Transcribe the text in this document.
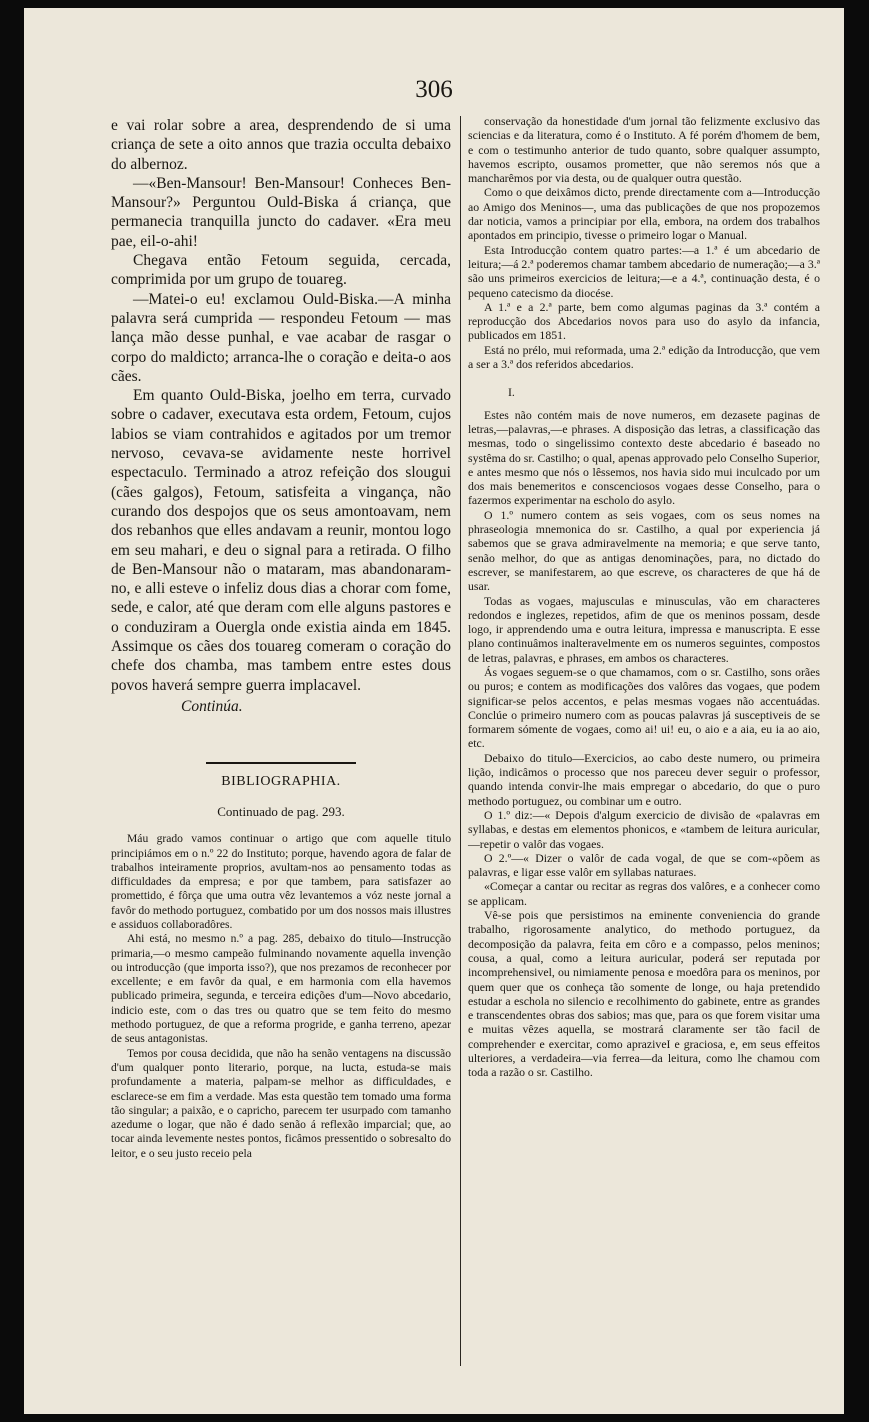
306

e vai rolar sobre a area, desprendendo de si uma criança de sete a oito annos que trazia occulta debaixo do albernoz.

—«Ben-Mansour! Ben-Mansour! Conheces Ben-Mansour?» Perguntou Ould-Biska á criança, que permanecia tranquilla juncto do cadaver. «Era meu pae, eil-o-ahi!

Chegava então Fetoum seguida, cercada, comprimida por um grupo de touareg.

—Matei-o eu! exclamou Ould-Biska.—A minha palavra será cumprida — respondeu Fetoum — mas lança mão desse punhal, e vae acabar de rasgar o corpo do maldicto; arranca-lhe o coração e deita-o aos cães.

Em quanto Ould-Biska, joelho em terra, curvado sobre o cadaver, executava esta ordem, Fetoum, cujos labios se viam contrahidos e agitados por um tremor nervoso, cevava-se avidamente neste horrivel espectaculo. Terminado a atroz refeição dos slougui (cães galgos), Fetoum, satisfeita a vingança, não curando dos despojos que os seus amontoavam, nem dos rebanhos que elles andavam a reunir, montou logo em seu mahari, e deu o signal para a retirada. O filho de Ben-Mansour não o mataram, mas abandonaram-no, e alli esteve o infeliz dous dias a chorar com fome, sede, e calor, até que deram com elle alguns pastores e o conduziram a Ouergla onde existia ainda em 1845. Assimque os cães dos touareg comeram o coração do chefe dos chamba, mas tambem entre estes dous povos haverá sempre guerra implacavel.

Continúa.

BIBLIOGRAPHIA.
Continuado de pag. 293.

Máu grado vamos continuar o artigo que com aquelle titulo principiámos em o n.º 22 do Instituto; porque, havendo agora de falar de trabalhos inteiramente proprios, avultam-nos ao pensamento todas as difficuldades da empresa; e por que tambem, para satisfazer ao promettido, é fôrça que uma outra vêz levantemos a vóz neste jornal a favôr do methodo portuguez, combatido por um dos nossos mais illustres e assiduos collaboradôres.

Ahi está, no mesmo n.º a pag. 285, debaixo do titulo—Instrucção primaria,—o mesmo campeão fulminando novamente aquella invenção ou introducção (que importa isso?), que nos prezamos de reconhecer por excellente; e em favôr da qual, e em harmonia com ella havemos publicado primeira, segunda, e terceira edições d'um—Novo abcedario, indicio este, com o das tres ou quatro que se tem feito do mesmo methodo portuguez, de que a reforma progride, e ganha terreno, apezar de seus antagonistas.

Temos por cousa decidida, que não ha senão ventagens na discussão d'um qualquer ponto literario, porque, na lucta, estuda-se mais profundamente a materia, palpam-se melhor as difficuldades, e esclarece-se em fim a verdade. Mas esta questão tem tomado uma forma tão singular; a paixão, e o capricho, parecem ter usurpado com tamanho azedume o logar, que não é dado senão á reflexão imparcial; que, ao tocar ainda levemente nestes pontos, ficâmos pressentido o sobresalto do leitor, e o seu justo receio pela

conservação da honestidade d'um jornal tão felizmente exclusivo das sciencias e da literatura, como é o Instituto. A fé porém d'homem de bem, e com o testimunho anterior de tudo quanto, sobre qualquer assumpto, havemos escripto, ousamos prometter, que não seremos nós que a mancharêmos por via desta, ou de qualquer outra questão.

Como o que deixâmos dicto, prende directamente com a—Introducção ao Amigo dos Meninos—, uma das publicações de que nos propozemos dar noticia, vamos a principiar por ella, embora, na ordem dos trabalhos apontados em principio, tivesse o primeiro logar o Manual.

Esta Introducção contem quatro partes:—a 1.ª é um abcedario de leitura;—á 2.ª poderemos chamar tambem abcedario de numeração;—a 3.ª são uns primeiros exercicios de leitura;—e a 4.ª, continuação desta, é o pequeno catecismo da diocése.

A 1.ª e a 2.ª parte, bem como algumas paginas da 3.ª contém a reproducção dos Abcedarios novos para uso do asylo da infancia, publicados em 1851.

Está no prélo, mui reformada, uma 2.ª edição da Introducção, que vem a ser a 3.ª dos referidos abcedarios.

I.

Estes não contém mais de nove numeros, em dezasete paginas de letras,—palavras,—e phrases. A disposição das letras, a classificação das mesmas, todo o singelissimo contexto deste abcedario é baseado no systêma do sr. Castilho; o qual, apenas approvado pelo Conselho Superior, e antes mesmo que nós o lêssemos, nos havia sido mui inculcado por um dos mais benemeritos e conscenciosos vogaes desse Conselho, para o fazermos experimentar na escholo do asylo.

O 1.º numero contem as seis vogaes, com os seus nomes na phraseologia mnemonica do sr. Castilho, a qual por experiencia já sabemos que se grava admiravelmente na memoria; e que serve tanto, senão melhor, do que as antigas denominações, para, no dictado do escrever, se manifestarem, ao que escreve, os characteres de que há de usar.

Todas as vogaes, majusculas e minusculas, vão em characteres redondos e inglezes, repetidos, afim de que os meninos possam, desde logo, ir apprendendo uma e outra leitura, impressa e manuscripta. E esse plano continuâmos inalteravelmente em os numeros seguintes, compostos de letras, palavras, e phrases, em ambos os characteres.

Ás vogaes seguem-se o que chamamos, com o sr. Castilho, sons orães ou puros; e contem as modificações dos valôres das vogaes, que podem significar-se pelos accentos, e pelas mesmas vogaes não accentuádas. Conclúe o primeiro numero com as poucas palavras já susceptiveis de se formarem sómente de vogaes, como ai! ui! eu, o aio e a aia, eu ia ao aio, etc.

Debaixo do titulo—Exercicios, ao cabo deste numero, ou primeira lição, indicâmos o processo que nos pareceu dever seguir o professor, quando intenda convir-lhe mais empregar o abcedario, do que o puro methodo portuguez, ou combinar um e outro.

O 1.º diz:—« Depois d'algum exercicio de divisão de «palavras em syllabas, e destas em elementos phonicos, e «tambem de leitura auricular,—repetir o valôr das vogaes.

O 2.º—« Dizer o valôr de cada vogal, de que se com-«põem as palavras, e ligar esse valôr em syllabas naturaes.

«Começar a cantar ou recitar as regras dos valôres, e a conhecer como se applicam.

Vê-se pois que persistimos na eminente conveniencia do grande trabalho, rigorosamente analytico, do methodo portuguez, da decomposição da palavra, feita em côro e a compasso, pelos meninos; cousa, a qual, como a leitura auricular, poderá ser reputada por incomprehensivel, ou nimiamente penosa e moedôra para os meninos, por quem quer que os conheça tão somente de longe, ou haja pretendido estudar a eschola no silencio e recolhimento do gabinete, entre as grandes e transcendentes obras dos sabios; mas que, para os que forem visitar uma e muitas vêzes aquella, se mostrará claramente ser tão facil de comprehender e exercitar, como apraziveI e graciosa, e, em seus effeitos ulteriores, a verdadeira—via ferrea—da leitura, como lhe chamou com toda a razão o sr. Castilho.
